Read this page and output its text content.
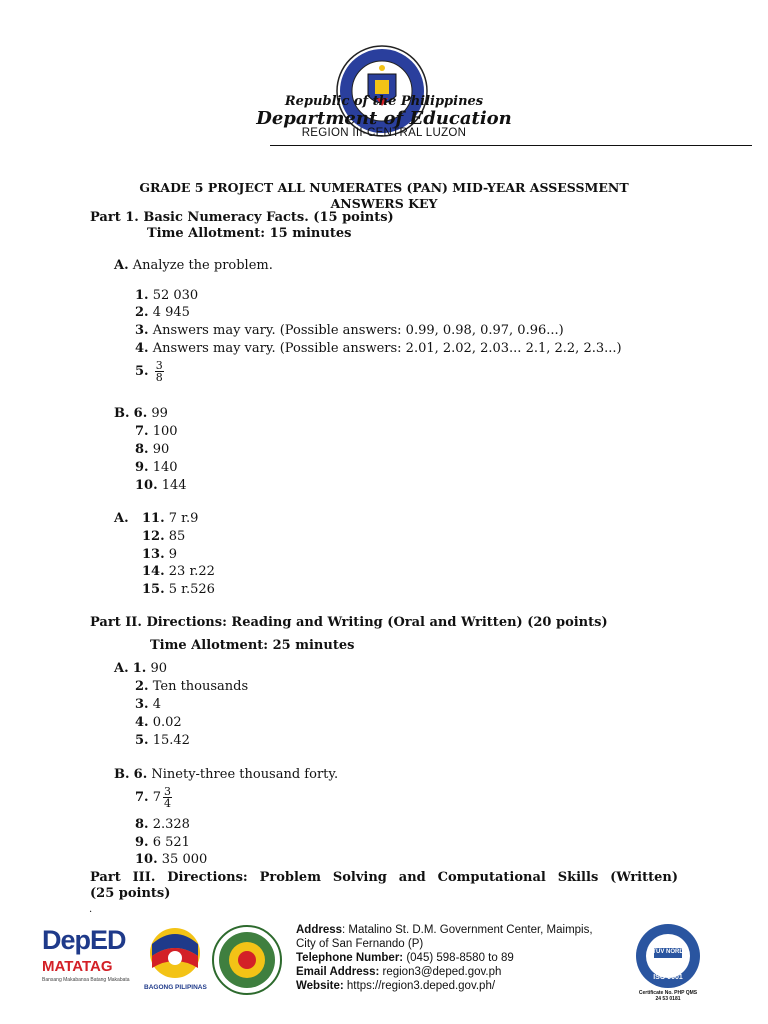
Republic of the Philippines
Department of Education
REGION III-CENTRAL LUZON
GRADE 5 PROJECT ALL NUMERATES (PAN) MID-YEAR ASSESSMENT
ANSWERS KEY
Part 1. Basic Numeracy Facts. (15 points)
Time Allotment: 15 minutes
A. Analyze the problem.
1. 52 030
2. 4 945
3. Answers may vary. (Possible answers: 0.99, 0.98, 0.97, 0.96...)
4. Answers may vary. (Possible answers: 2.01, 2.02, 2.03... 2.1, 2.2, 2.3...)
5. $\frac{3}{8}$
B. 6. 99
7. 100
8. 90
9. 140
10. 144
A. 11. 7 r.9
12. 85
13. 9
14. 23 r.22
15. 5 r.526
Part II. Directions: Reading and Writing (Oral and Written) (20 points)
Time Allotment: 25 minutes
A. 1. 90
2. Ten thousands
3. 4
4. 0.02
5. 15.42
B. 6. Ninety-three thousand forty.
7. $7 \frac{3}{4}$
8. 2.328
9. 6 521
10. 35 000
Part III. Directions: Problem Solving and Computational Skills (Written)
(25 points)
.
DepED
MATATAG
Bansang Makabansa Batang Makabata
BAGONG PILIPINAS
Address: Matalino St. D.M. Government Center, Maimpis,
City of San Fernando (P)
Telephone Number: (045) 598-8580 to 89
Email Address: region3@deped.gov.ph
Website: https://region3.deped.gov.ph/
TÜV NORD
ISO 9001
Certificate No. PHP QMS
24 53 0181
